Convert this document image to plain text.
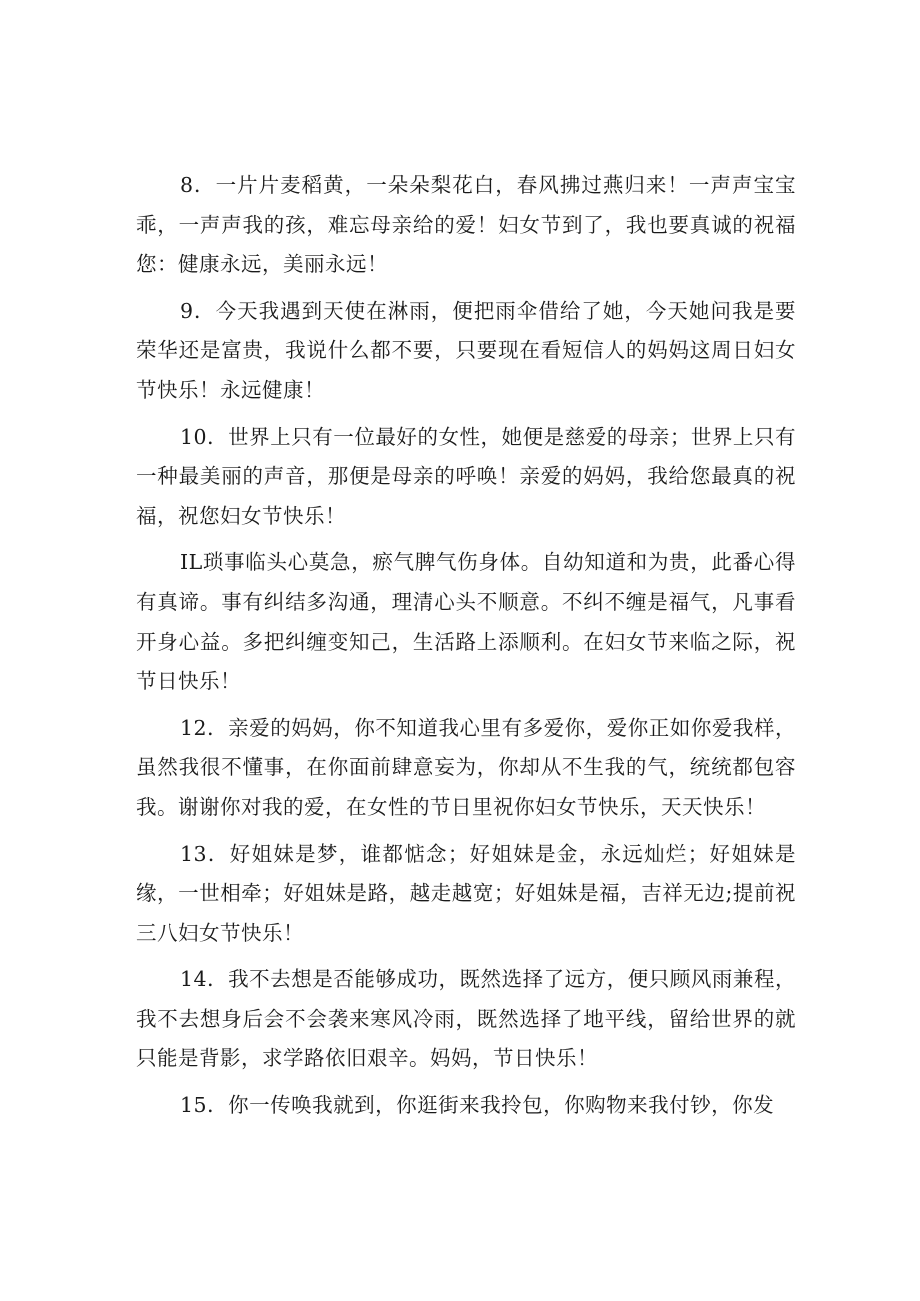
8．一片片麦稻黄，一朵朵梨花白，春风拂过燕归来！一声声宝宝乖，一声声我的孩，难忘母亲给的爱！妇女节到了，我也要真诚的祝福您：健康永远，美丽永远！

9．今天我遇到天使在淋雨，便把雨伞借给了她，今天她问我是要荣华还是富贵，我说什么都不要，只要现在看短信人的妈妈这周日妇女节快乐！永远健康！

10．世界上只有一位最好的女性，她便是慈爱的母亲；世界上只有一种最美丽的声音，那便是母亲的呼唤！亲爱的妈妈，我给您最真的祝福，祝您妇女节快乐！

IL琐事临头心莫急，瘀气脾气伤身体。自幼知道和为贵，此番心得有真谛。事有纠结多沟通，理清心头不顺意。不纠不缠是福气，凡事看开身心益。多把纠缠变知己，生活路上添顺利。在妇女节来临之际，祝节日快乐！

12．亲爱的妈妈，你不知道我心里有多爱你，爱你正如你爱我样，虽然我很不懂事，在你面前肆意妄为，你却从不生我的气，统统都包容我。谢谢你对我的爱，在女性的节日里祝你妇女节快乐，天天快乐！

13．好姐妹是梦，谁都惦念；好姐妹是金，永远灿烂；好姐妹是缘，一世相牵；好姐妹是路，越走越宽；好姐妹是福，吉祥无边;提前祝三八妇女节快乐！

14．我不去想是否能够成功，既然选择了远方，便只顾风雨兼程，我不去想身后会不会袭来寒风冷雨，既然选择了地平线，留给世界的就只能是背影，求学路依旧艰辛。妈妈，节日快乐！

15．你一传唤我就到，你逛街来我拎包，你购物来我付钞，你发
